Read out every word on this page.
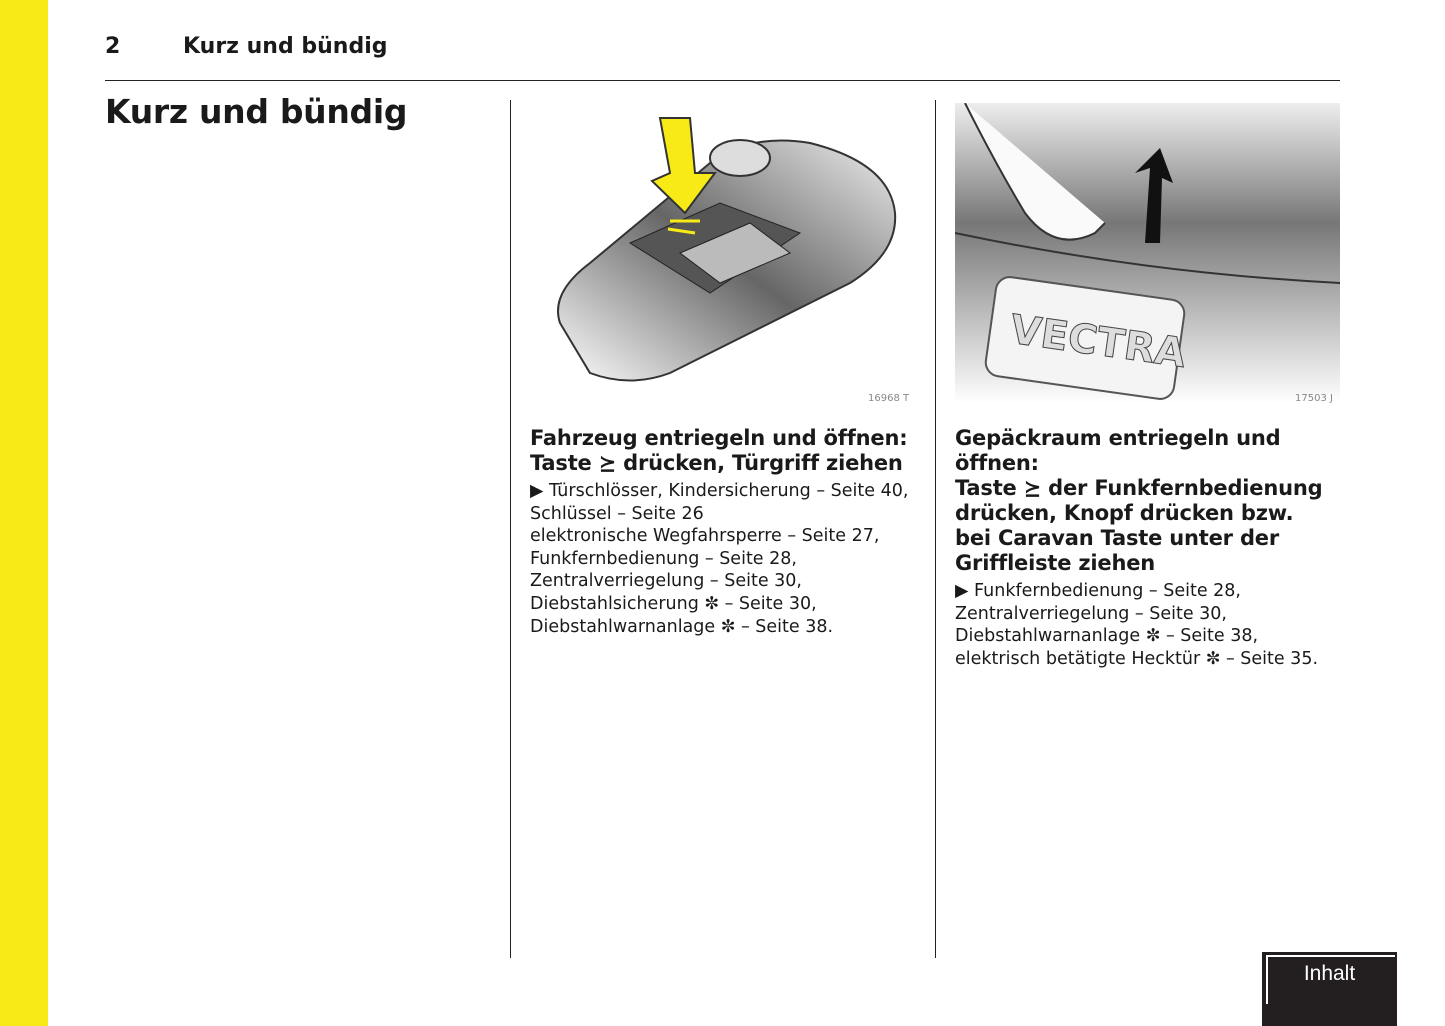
2	Kurz und bündig
Kurz und bündig
16968 T
VECTRA
17503 J
Fahrzeug entriegeln und öffnen:
Taste ⪰ drücken, Türgriff ziehen
▶ Türschlösser, Kindersicherung – Seite 40,
Schlüssel – Seite 26
elektronische Wegfahrsperre – Seite 27,
Funkfernbedienung – Seite 28,
Zentralverriegelung – Seite 30,
Diebstahlsicherung ✼ – Seite 30,
Diebstahlwarnanlage ✼ – Seite 38.
Gepäckraum entriegeln und
öffnen:
Taste ⪰ der Funkfernbedienung
drücken, Knopf drücken bzw.
bei Caravan Taste unter der
Griffleiste ziehen
▶ Funkfernbedienung – Seite 28,
Zentralverriegelung – Seite 30,
Diebstahlwarnanlage ✼ – Seite 38,
elektrisch betätigte Hecktür ✼ – Seite 35.
Inhalt
